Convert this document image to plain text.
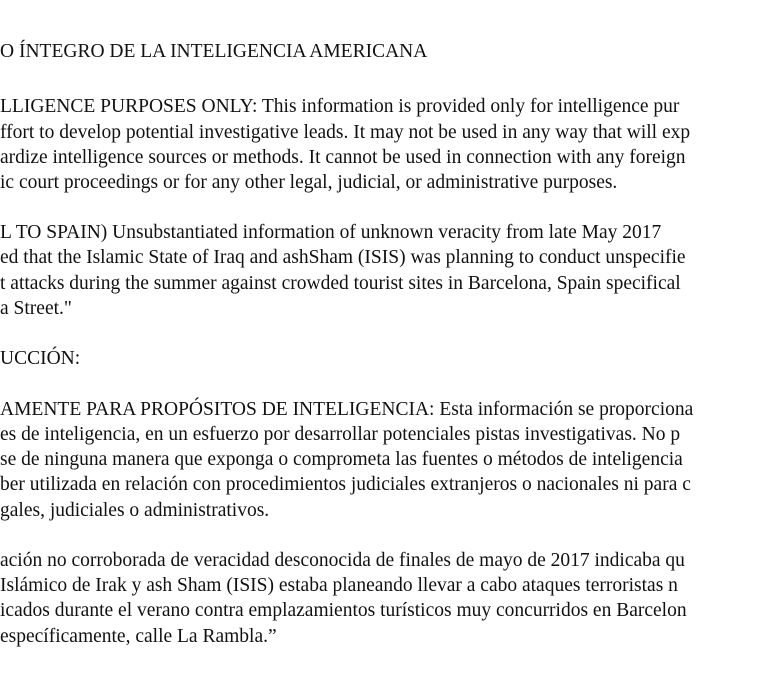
O ÍNTEGRO DE LA INTELIGENCIA AMERICANA
LLIGENCE PURPOSES ONLY: This information is provided only for intelligence pur
ffort to develop potential investigative leads. It may not be used in any way that will exp
ardize intelligence sources or methods. It cannot be used in connection with any foreign
ic court proceedings or for any other legal, judicial, or administrative purposes.
L TO SPAIN) Unsubstantiated information of unknown veracity from late May 2017
ed that the Islamic State of Iraq and ashSham (ISIS) was planning to conduct unspecifie
t attacks during the summer against crowded tourist sites in Barcelona, Spain specifical
a Street."
UCCIÓN:
AMENTE PARA PROPÓSITOS DE INTELIGENCIA: Esta información se proporciona
es de inteligencia, en un esfuerzo por desarrollar potenciales pistas investigativas. No p
se de ninguna manera que exponga o comprometa las fuentes o métodos de inteligencia
ber utilizada en relación con procedimientos judiciales extranjeros o nacionales ni para c
gales, judiciales o administrativos.
ación no corroborada de veracidad desconocida de finales de mayo de 2017 indicaba qu
Islámico de Irak y ash Sham (ISIS) estaba planeando llevar a cabo ataques terroristas n
icados durante el verano contra emplazamientos turísticos muy concurridos en Barcelon
específicamente, calle La Rambla.”
